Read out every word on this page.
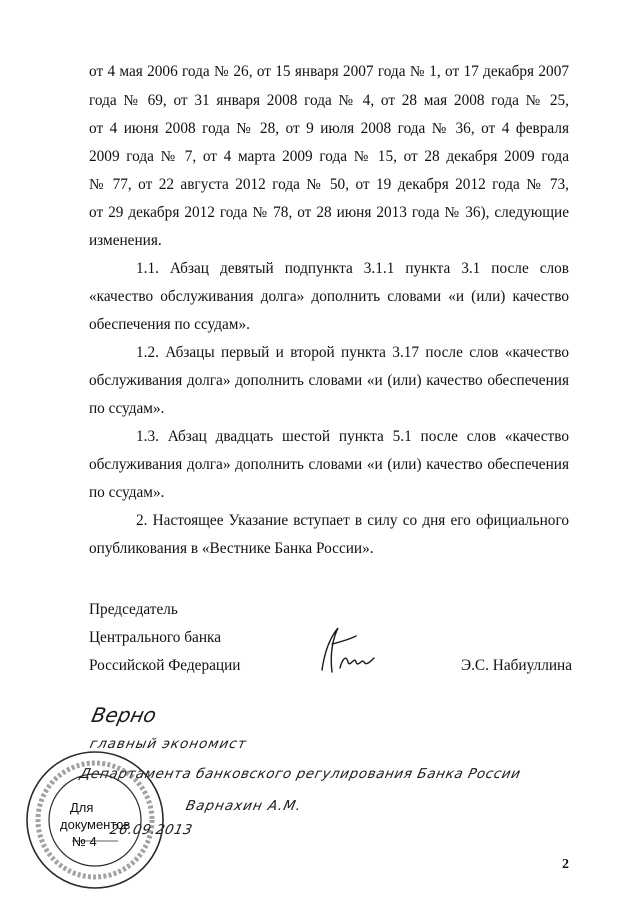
от 4 мая 2006 года № 26, от 15 января 2007 года № 1, от 17 декабря 2007
года № 69, от 31 января 2008 года № 4, от 28 мая 2008 года № 25,
от 4 июня 2008 года № 28, от 9 июля 2008 года № 36, от 4 февраля
2009 года № 7, от 4 марта 2009 года № 15, от 28 декабря 2009 года
№ 77, от 22 августа 2012 года № 50, от 19 декабря 2012 года № 73,
от 29 декабря 2012 года № 78, от 28 июня 2013 года № 36), следующие
изменения.
1.1. Абзац девятый подпункта 3.1.1 пункта 3.1 после слов
«качество обслуживания долга» дополнить словами «и (или) качество
обеспечения по ссудам».
1.2. Абзацы первый и второй пункта 3.17 после слов «качество
обслуживания долга» дополнить словами «и (или) качество обеспечения
по ссудам».
1.3. Абзац двадцать шестой пункта 5.1 после слов «качество
обслуживания долга» дополнить словами «и (или) качество обеспечения
по ссудам».
2. Настоящее Указание вступает в силу со дня его официального
опубликования в «Вестнике Банка России».
Председатель
Центрального банка
Российской Федерации	Э.С. Набиуллина
Верно
главный экономист
Департамента банковского регулирования Банка России
Варнахин А.М.
26.09.2013
Для
документов
№ 4
2
